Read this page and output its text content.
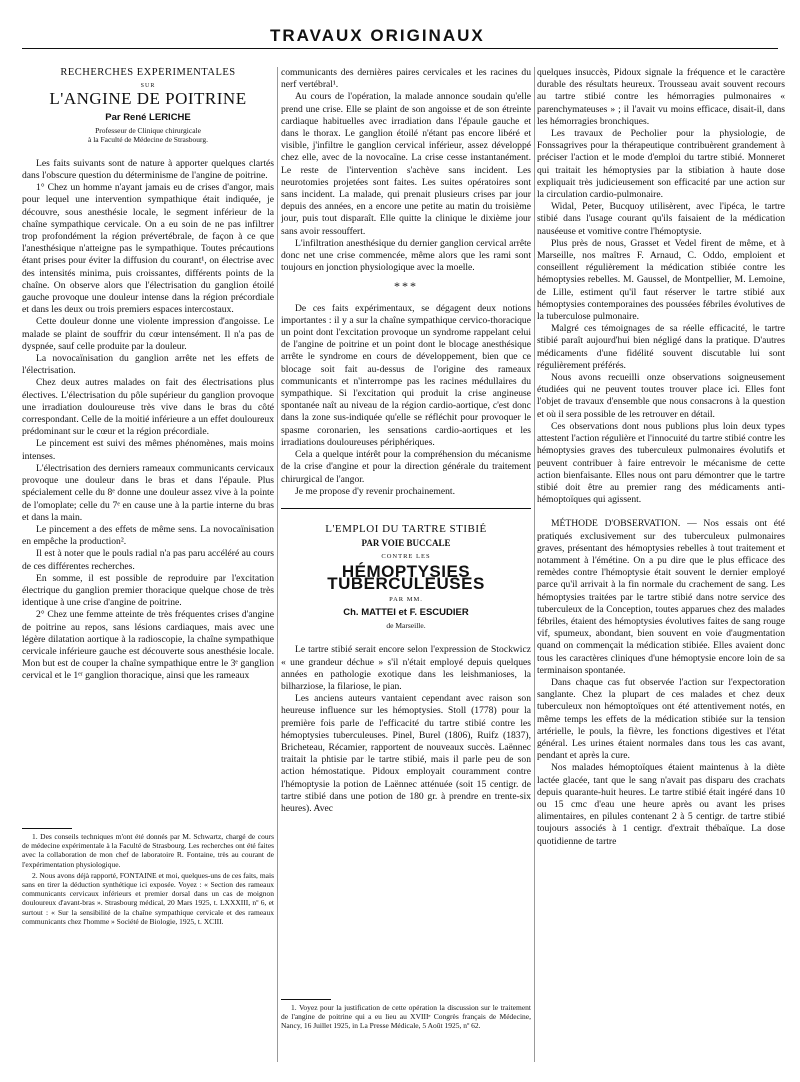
TRAVAUX ORIGINAUX
RECHERCHES EXPÉRIMENTALES
SUR
L'ANGINE DE POITRINE
Par René LERICHE
Professeur de Clinique chirurgicale
à la Faculté de Médecine de Strasbourg.

Les faits suivants sont de nature à apporter quelques clartés dans l'obscure question du déterminisme de l'angine de poitrine.

1° Chez un homme n'ayant jamais eu de crises d'angor, mais pour lequel une intervention sympathique était indiquée, je découvre, sous anesthésie locale, le segment inférieur de la chaîne sympathique cervicale. On a eu soin de ne pas infiltrer trop profondément la région prévertébrale, de façon à ce que l'anesthésique n'atteigne pas le sympathique. Toutes précautions étant prises pour éviter la diffusion du courant¹, on électrise avec des intensités minima, puis croissantes, différents points de la chaîne. On observe alors que l'électrisation du ganglion étoilé gauche provoque une douleur intense dans la région précordiale et dans les deux ou trois premiers espaces intercostaux.

Cette douleur donne une violente impression d'angoisse. Le malade se plaint de souffrir du cœur intensément. Il n'a pas de dyspnée, sauf celle produite par la douleur.

La novocaïnisation du ganglion arrête net les effets de l'électrisation.

Chez deux autres malades on fait des électrisations plus électives. L'électrisation du pôle supérieur du ganglion provoque une irradiation douloureuse très vive dans le bras du côté correspondant. Celle de la moitié inférieure a un effet douloureux prédominant sur le cœur et la région précordiale.

Le pincement est suivi des mêmes phénomènes, mais moins intenses.

L'électrisation des derniers rameaux communicants cervicaux provoque une douleur dans le bras et dans l'épaule. Plus spécialement celle du 8ᵉ donne une douleur assez vive à la pointe de l'omoplate; celle du 7ᵉ en cause une à la partie interne du bras et dans la main.

Le pincement a des effets de même sens. La novocaïnisation en empêche la production².

Il est à noter que le pouls radial n'a pas paru accéléré au cours de ces différentes recherches.

En somme, il est possible de reproduire par l'excitation électrique du ganglion premier thoracique quelque chose de très identique à une crise d'angine de poitrine.

2° Chez une femme atteinte de très fréquentes crises d'angine de poitrine au repos, sans lésions cardiaques, mais avec une légère dilatation aortique à la radioscopie, la chaîne sympathique cervicale inférieure gauche est découverte sous anesthésie locale. Mon but est de couper la chaîne sympathique entre le 3ᵉ ganglion cervical et le 1ᵉʳ ganglion thoracique, ainsi que les rameaux

1. Des conseils techniques m'ont été donnés par M. Schwartz, chargé de cours de médecine expérimentale à la Faculté de Strasbourg. Les recherches ont été faites avec la collaboration de mon chef de laboratoire R. Fontaine, très au courant de l'expérimentation physiologique.

2. Nous avons déjà rapporté, FONTAINE et moi, quelques-uns de ces faits, mais sans en tirer la déduction synthétique ici exposée. Voyez : « Section des rameaux communicants cervicaux inférieurs et premier dorsal dans un cas de moignon douloureux d'avant-bras ». Strasbourg médical, 20 Mars 1925, t. LXXXIII, nº 6, et surtout : « Sur la sensibilité de la chaîne sympathique cervicale et des rameaux communicants chez l'homme » Société de Biologie, 1925, t. XCIII.

communicants des dernières paires cervicales et les racines du nerf vertébral¹.

Au cours de l'opération, la malade annonce soudain qu'elle prend une crise. Elle se plaint de son angoisse et de son étreinte cardiaque habituelles avec irradiation dans l'épaule gauche et dans le thorax. Le ganglion étoilé n'étant pas encore libéré et visible, j'infiltre le ganglion cervical inférieur, assez développé chez elle, avec de la novocaïne. La crise cesse instantanément. Le reste de l'intervention s'achève sans incident. Les neurotomies projetées sont faites. Les suites opératoires sont sans incident. La malade, qui prenait plusieurs crises par jour depuis des années, en a encore une petite au matin du troisième jour, puis tout disparaît. Elle quitte la clinique le dixième jour sans avoir ressouffert.

L'infiltration anesthésique du dernier ganglion cervical arrête donc net une crise commencée, même alors que les rami sont toujours en jonction physiologique avec la moelle.

***

De ces faits expérimentaux, se dégagent deux notions importantes : il y a sur la chaîne sympathique cervico-thoracique un point dont l'excitation provoque un syndrome rappelant celui de l'angine de poitrine et un point dont le blocage anesthésique arrête le syndrome en cours de développement, bien que ce blocage soit fait au-dessus de l'origine des rameaux communicants et n'interrompe pas les racines médullaires du sympathique. Si l'excitation qui produit la crise angineuse spontanée naît au niveau de la région cardio-aortique, c'est donc dans la zone sus-indiquée qu'elle se réfléchit pour provoquer le spasme coronarien, les sensations cardio-aortiques et les irradiations douloureuses périphériques.

Cela a quelque intérêt pour la compréhension du mécanisme de la crise d'angine et pour la direction générale du traitement chirurgical de l'angor.

Je me propose d'y revenir prochainement.

L'EMPLOI DU TARTRE STIBIÉ
PAR VOIE BUCCALE
CONTRE LES
HÉMOPTYSIES TUBERCULEUSES
PAR MM.
Ch. MATTEI et F. ESCUDIER
de Marseille.

Le tartre stibié serait encore selon l'expression de Stockwicz « une grandeur déchue » s'il n'était employé depuis quelques années en pathologie exotique dans les leishmanioses, la bilharziose, la filariose, le pian.

Les anciens auteurs vantaient cependant avec raison son heureuse influence sur les hémoptysies. Stoll (1778) pour la première fois parle de l'efficacité du tartre stibié contre les hémoptysies tuberculeuses. Pinel, Burel (1806), Ruifz (1837), Bricheteau, Récamier, rapportent de nouveaux succès. Laënnec traitait la phtisie par le tartre stibié, mais il parle peu de son action hémostatique. Pidoux employait couramment contre l'hémoptysie la potion de Laënnec atténuée (soit 15 centigr. de tartre stibié dans une potion de 180 gr. à prendre en trente-six heures). Avec

1. Voyez pour la justification de cette opération la discussion sur le traitement de l'angine de poitrine qui a eu lieu au XVIIIᵉ Congrès français de Médecine, Nancy, 16 Juillet 1925, in La Presse Médicale, 5 Août 1925, nº 62.

quelques insuccès, Pidoux signale la fréquence et le caractère durable des résultats heureux. Trousseau avait souvent recours au tartre stibié contre les hémorragies pulmonaires « parenchymateuses » ; il l'avait vu moins efficace, disait-il, dans les hémorragies bronchiques.

Les travaux de Pecholier pour la physiologie, de Fonssagrives pour la thérapeutique contribuèrent grandement à préciser l'action et le mode d'emploi du tartre stibié. Monneret qui traitait les hémoptysies par la stibiation à haute dose expliquait très judicieusement son efficacité par une action sur la circulation cardio-pulmonaire.

Widal, Peter, Bucquoy utilisèrent, avec l'ipéca, le tartre stibié dans l'usage courant qu'ils faisaient de la médication nauséeuse et vomitive contre l'hémoptysie.

Plus près de nous, Grasset et Vedel firent de même, et à Marseille, nos maîtres F. Arnaud, C. Oddo, emploient et conseillent régulièrement la médication stibiée contre les hémoptysies rebelles. M. Gaussel, de Montpellier, M. Lemoine, de Lille, estiment qu'il faut réserver le tartre stibié aux hémoptysies contemporaines des poussées fébriles évolutives de la tuberculose pulmonaire.

Malgré ces témoignages de sa réelle efficacité, le tartre stibié paraît aujourd'hui bien négligé dans la pratique. D'autres médicaments d'une fidélité souvent discutable lui sont régulièrement préférés.

Nous avons recueilli onze observations soigneusement étudiées qui ne peuvent toutes trouver place ici. Elles font l'objet de travaux d'ensemble que nous consacrons à la question et où il sera possible de les retrouver en détail.

Ces observations dont nous publions plus loin deux types attestent l'action régulière et l'innocuité du tartre stibié contre les hémoptysies graves des tuberculeux pulmonaires évolutifs et peuvent contribuer à faire entrevoir le mécanisme de cette action bienfaisante. Elles nous ont paru démontrer que le tartre stibié doit être au premier rang des médicaments anti-hémoptoïques qui agissent.

MÉTHODE D'OBSERVATION. — Nos essais ont été pratiqués exclusivement sur des tuberculeux pulmonaires graves, présentant des hémoptysies rebelles à tout traitement et notamment à l'émétine. On a pu dire que le plus efficace des remèdes contre l'hémoptysie était souvent le dernier employé parce qu'il arrivait à la fin normale du crachement de sang. Les hémoptysies traitées par le tartre stibié dans notre service des tuberculeux de la Conception, toutes apparues chez des malades fébriles, étaient des hémoptysies évolutives faites de sang rouge vif, spumeux, abondant, bien souvent en voie d'augmentation quand on commençait la médication stibiée. Elles avaient donc tous les caractères cliniques d'une hémoptysie encore loin de sa terminaison spontanée.

Dans chaque cas fut observée l'action sur l'expectoration sanglante. Chez la plupart de ces malades et chez deux tuberculeux non hémoptoïques ont été attentivement notés, en même temps les effets de la médication stibiée sur la tension artérielle, le pouls, la fièvre, les fonctions digestives et l'état général. Les urines étaient normales dans tous les cas avant, pendant et après la cure.

Nos malades hémoptoïques étaient maintenus à la diète lactée glacée, tant que le sang n'avait pas disparu des crachats depuis quarante-huit heures. Le tartre stibié était ingéré dans 10 ou 15 cmc d'eau une heure après ou avant les prises alimentaires, en pilules contenant 2 à 5 centigr. de tartre stibié toujours associés à 1 centigr. d'extrait thébaïque. La dose quotidienne de tartre
